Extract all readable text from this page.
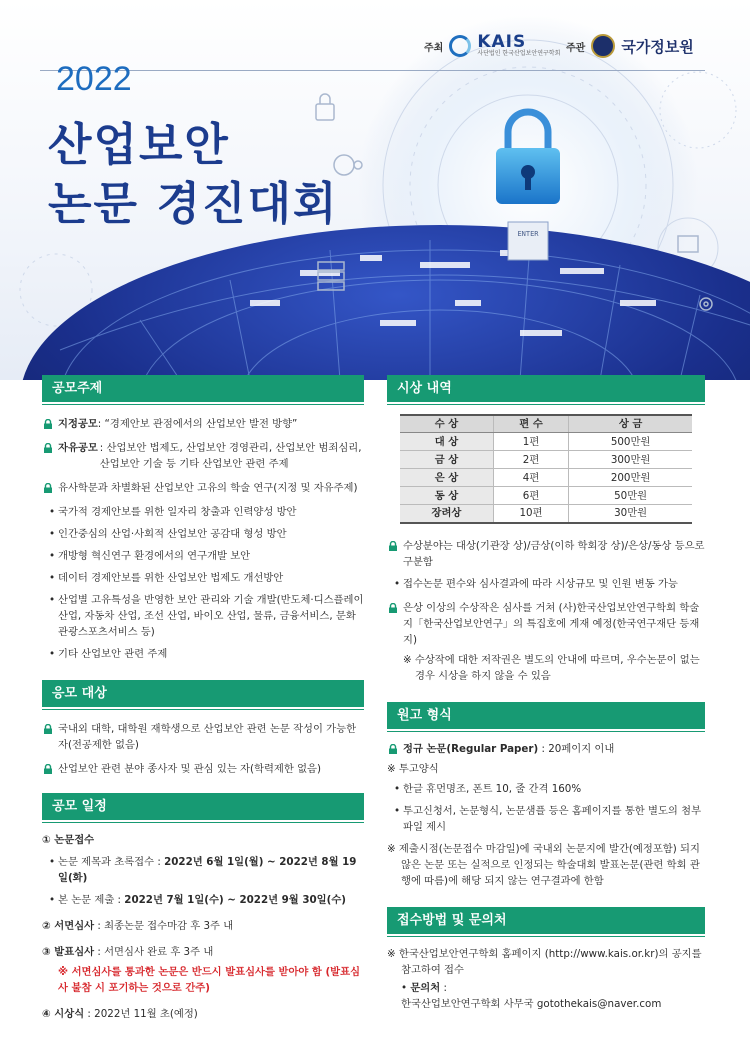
ENTER
주최 KAIS
사단법인 한국산업보안연구학회 주관 국가정보원
2022
산업보안
논문 경진대회
공모주제
지정공모 : “경제안보 관점에서의 산업보안 발전 방향”
자유공모 : 산업보안 법제도, 산업보안 경영관리, 산업보안 범죄심리, 산업보안 기술 등 기타 산업보안 관련 주제
유사학문과 차별화된 산업보안 고유의 학술 연구(지정 및 자유주제)
• 국가적 경제안보를 위한 일자리 창출과 인력양성 방안
• 인간중심의 산업·사회적 산업보안 공감대 형성 방안
• 개방형 혁신연구 환경에서의 연구개발 보안
• 데이터 경제안보를 위한 산업보안 법제도 개선방안
• 산업별 고유특성을 반영한 보안 관리와 기술 개발(반도체·디스플레이 산업, 자동차 산업, 조선 산업, 바이오 산업, 물류, 금융서비스, 문화관광스포츠서비스 등)
• 기타 산업보안 관련 주제
응모 대상
국내외 대학, 대학원 재학생으로 산업보안 관련 논문 작성이 가능한 자(전공제한 없음)
산업보안 관련 분야 종사자 및 관심 있는 자(학력제한 없음)
공모 일정
① 논문접수
• 논문 제목과 초록접수 : 2022년 6월 1일(월) ~ 2022년 8월 19일(화)
• 본 논문 제출 : 2022년 7월 1일(수) ~ 2022년 9월 30일(수)
② 서면심사 : 최종논문 접수마감 후 3주 내
③ 발표심사 : 서면심사 완료 후 3주 내
※ 서면심사를 통과한 논문은 반드시 발표심사를 받아야 함 (발표심사 불참 시 포기하는 것으로 간주)
④ 시상식 : 2022년 11월 초(예정)
시상 내역
수 상	편 수	상 금
대 상	1편	500만원
금 상	2편	300만원
은 상	4편	200만원
동 상	6편	50만원
장려상	10편	30만원
수상분야는 대상(기관장 상)/금상(이하 학회장 상)/은상/동상 등으로 구분함
• 접수논문 편수와 심사결과에 따라 시상규모 및 인원 변동 가능
은상 이상의 수상작은 심사를 거쳐 (사)한국산업보안연구학회 학술지「한국산업보안연구」의 특집호에 게재 예정(한국연구재단 등재지)
※ 수상작에 대한 저작권은 별도의 안내에 따르며, 우수논문이 없는 경우 시상을 하지 않을 수 있음
원고 형식
정규 논문(Regular Paper) : 20페이지 이내
※ 투고양식
• 한글 휴먼명조, 폰트 10, 줄 간격 160%
• 투고신청서, 논문형식, 논문샘플 등은 홈페이지를 통한 별도의 첨부파일 제시
※ 제출시점(논문접수 마감일)에 국내외 논문지에 발간(예정포함) 되지 않은 논문 또는 실적으로 인정되는 학술대회 발표논문(관련 학회 관행에 따름)에 해당 되지 않는 연구결과에 한함
접수방법 및 문의처
※ 한국산업보안연구학회 홈페이지 (http://www.kais.or.kr)의 공지를 참고하여 접수
• 문의처 :
한국산업보안연구학회 사무국 gotothekais@naver.com
